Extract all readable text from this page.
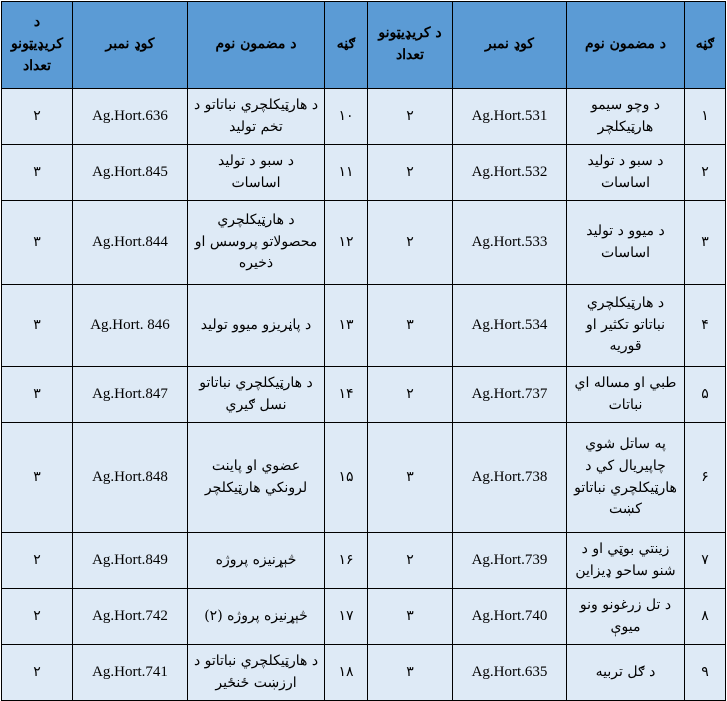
د کریډیټونو تعداد	کوډ نمبر	د مضمون نوم	ګڼه	د کریډیټونو تعداد	کوډ نمبر	د مضمون نوم	ګڼه
۲	Ag.Hort.636	د هارټیکلچري نباتاتو د تخم تولید	۱۰	۲	Ag.Hort.531	د وچو سیمو هارټیکلچر	۱
۳	Ag.Hort.845	د سبو د تولید اساسات	۱۱	۲	Ag.Hort.532	د سبو د تولید اساسات	۲
۳	Ag.Hort.844	د هارټیکلچري محصولاتو پروسس او ذخیره	۱۲	۲	Ag.Hort.533	د میوو د تولید اساسات	۳
۳	Ag.Hort. 846	د پاڼریزو میوو تولید	۱۳	۳	Ag.Hort.534	د هارټیکلچري نباتاتو تکثیر او قوریه	۴
۳	Ag.Hort.847	د هارټیکلچري نباتاتو نسل ګیري	۱۴	۲	Ag.Hort.737	طبي او مساله اي نباتات	۵
۳	Ag.Hort.848	عضوي او پاینت لرونکي هارټیکلچر	۱۵	۳	Ag.Hort.738	په ساتل شوي چاپیریال کي د هارټیکلچري نباتاتو کښت	۶
۲	Ag.Hort.849	څېړنیزه پروژه	۱۶	۲	Ag.Hort.739	زینتي بوټي او د شنو ساحو ډیزاین	۷
۲	Ag.Hort.742	څېړنیزه پروژه (۲)	۱۷	۳	Ag.Hort.740	د تل زرغونو ونو میوې	۸
۲	Ag.Hort.741	د هارټیکلچري نباتاتو د ارزښت ځنځیر	۱۸	۳	Ag.Hort.635	د ګل تربیه	۹
